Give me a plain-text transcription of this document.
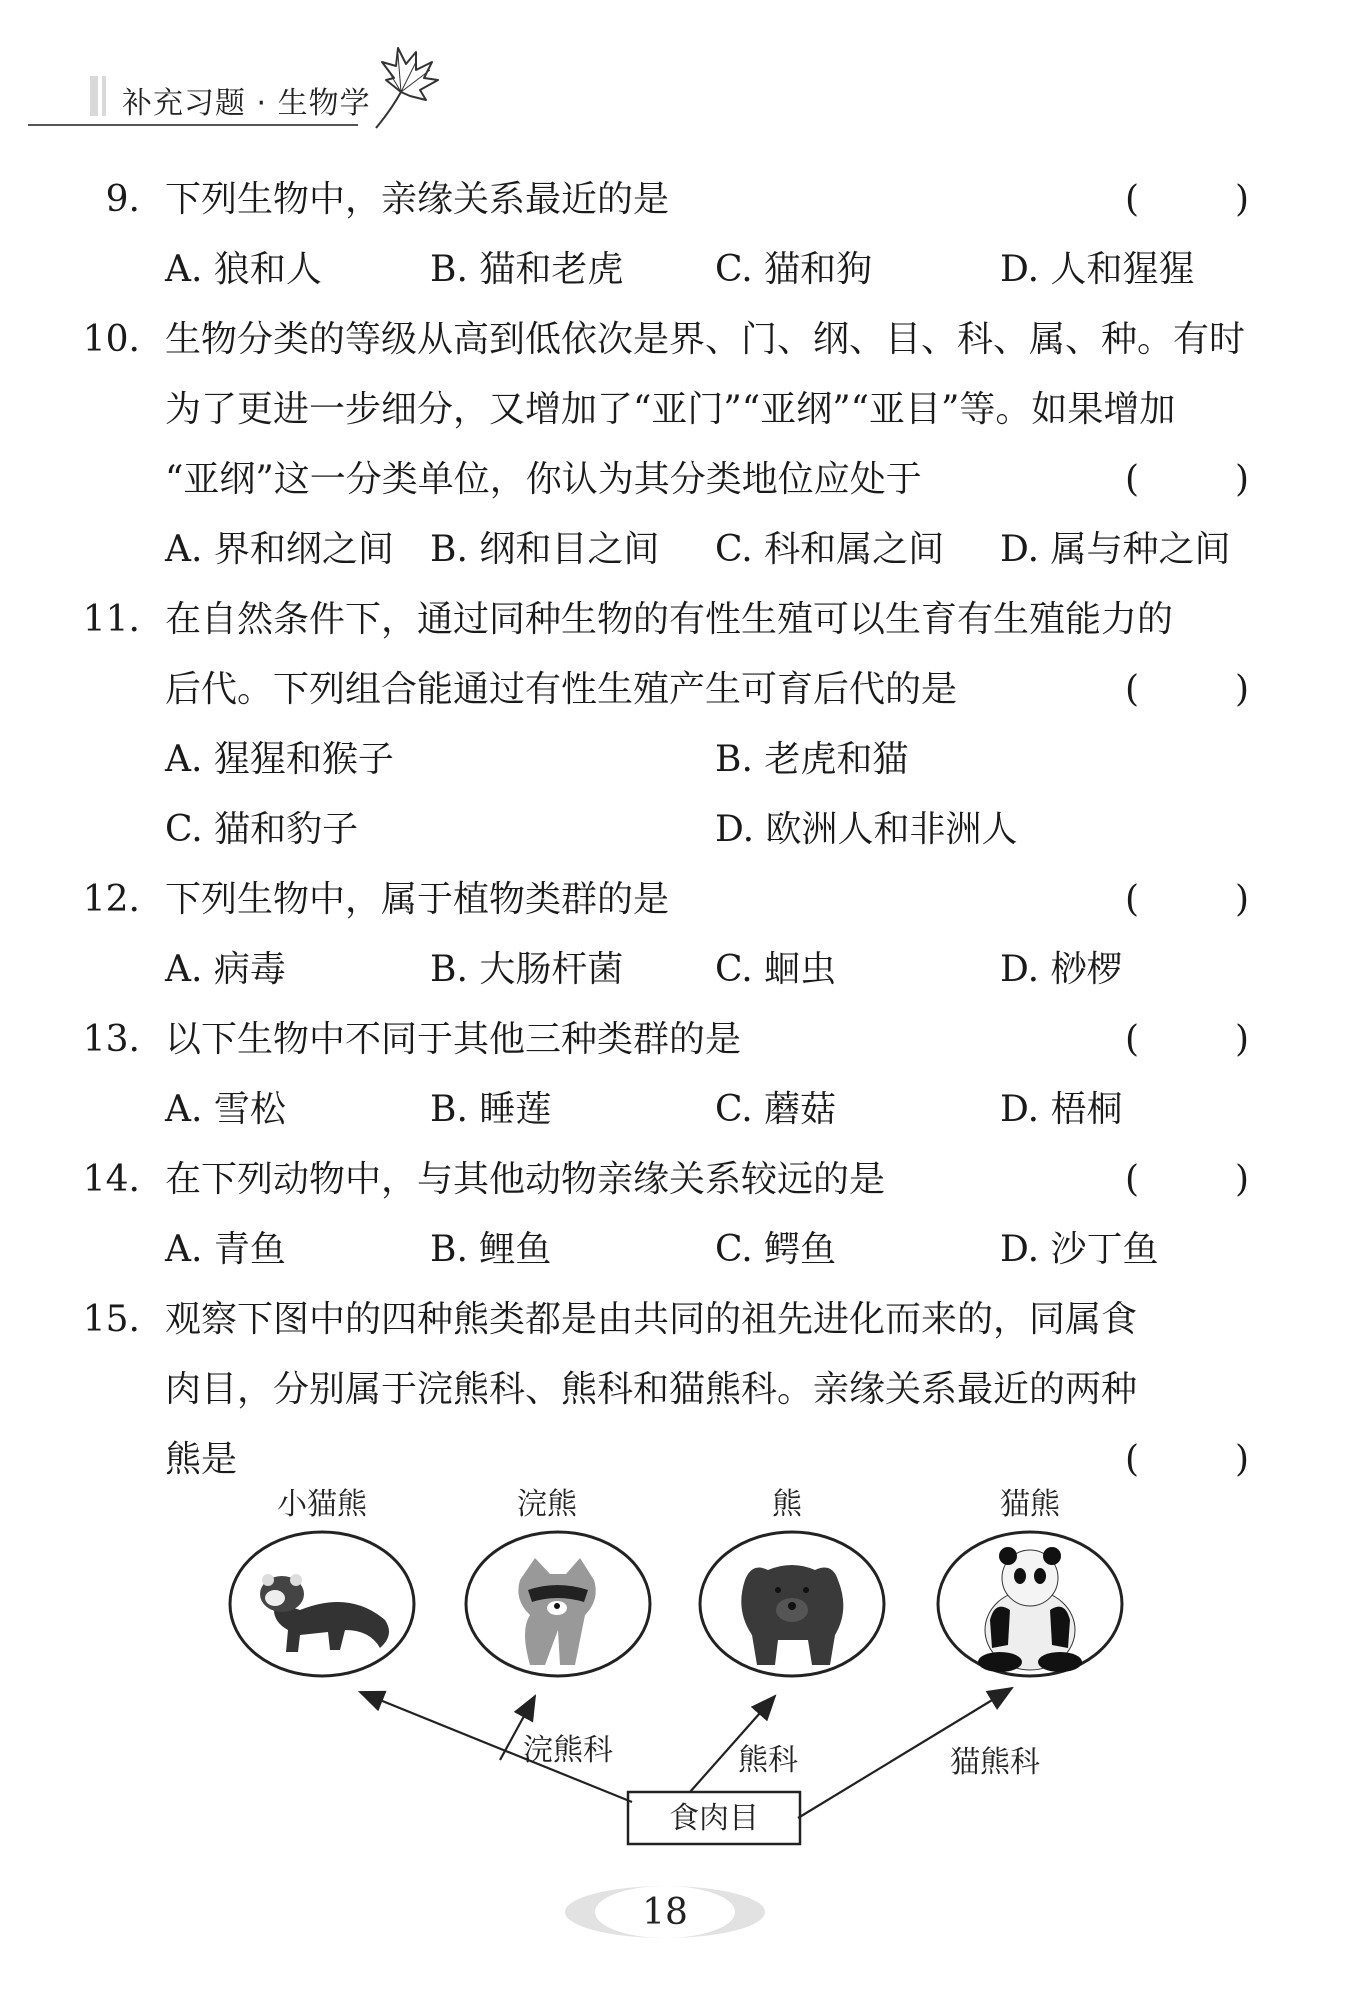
补充习题 · 生物学
9. 下列生物中，亲缘关系最近的是	(	)
A. 狼和人	B. 猫和老虎	C. 猫和狗	D. 人和猩猩
10. 生物分类的等级从高到低依次是界、门、纲、目、科、属、种。有时
为了更进一步细分，又增加了“亚门”“亚纲”“亚目”等。如果增加
“亚纲”这一分类单位，你认为其分类地位应处于	(	)
A. 界和纲之间 B. 纲和目之间 C. 科和属之间 D. 属与种之间
11. 在自然条件下，通过同种生物的有性生殖可以生育有生殖能力的
后代。下列组合能通过有性生殖产生可育后代的是	(	)
A. 猩猩和猴子	B. 老虎和猫
C. 猫和豹子	D. 欧洲人和非洲人
12. 下列生物中，属于植物类群的是	(	)
A. 病毒	B. 大肠杆菌	C. 蛔虫	D. 桫椤
13. 以下生物中不同于其他三种类群的是	(	)
A. 雪松	B. 睡莲	C. 蘑菇	D. 梧桐
14. 在下列动物中，与其他动物亲缘关系较远的是	(	)
A. 青鱼	B. 鲤鱼	C. 鳄鱼	D. 沙丁鱼
15. 观察下图中的四种熊类都是由共同的祖先进化而来的，同属食
肉目，分别属于浣熊科、熊科和猫熊科。亲缘关系最近的两种
熊是	(	)
小猫熊	浣熊	熊	猫熊
食肉目
浣熊科	熊科	猫熊科
18
